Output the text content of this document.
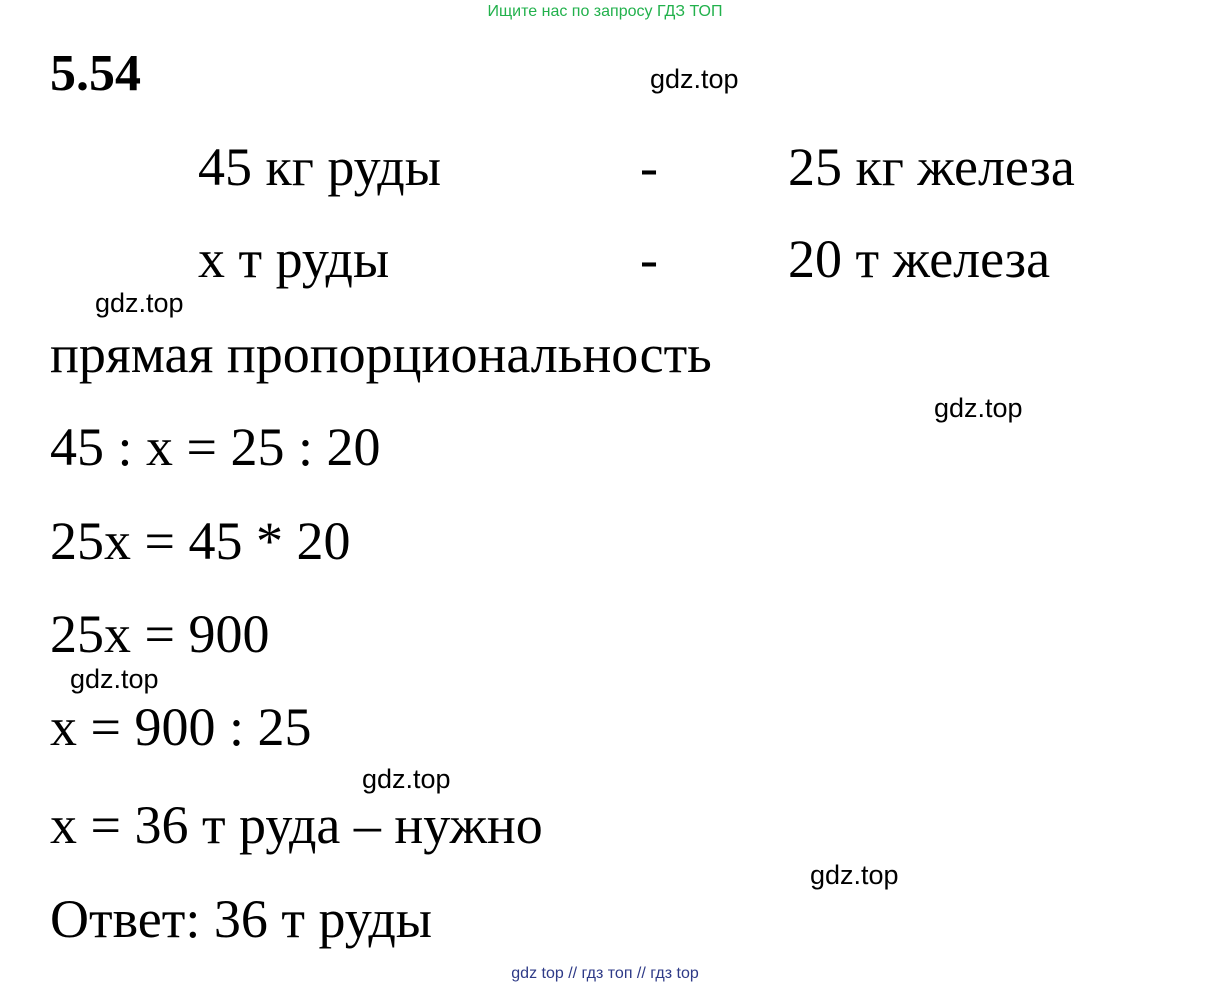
Ищите нас по запросу ГДЗ ТОП
5.54	gdz.top
45 кг руды	- 25 кг железа
x т руды	- 20 т железа
gdz.top
прямая пропорциональность
gdz.top
45 : x = 25 : 20
25x = 45 * 20
25x = 900
gdz.top
x = 900 : 25
gdz.top
x = 36 т руда – нужно
gdz.top
Ответ: 36 т руды
gdz top // гдз топ // гдз top
